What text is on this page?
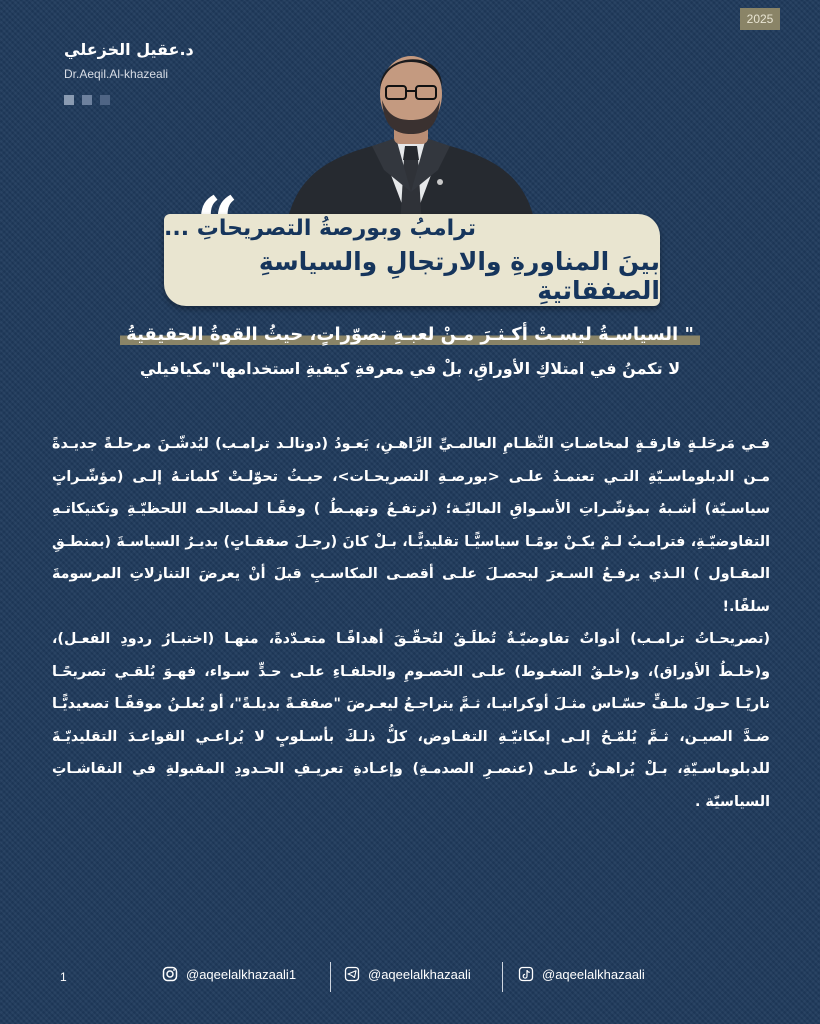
2025
د.عقيل الخزعلي
Dr.Aeqil.Al-khazeali
ترامبُ وبورصةُ التصريحاتِ ...
بينَ المناورةِ والارتجالِ والسياسةِ الصفقاتيةِ
" السياسـةُ ليسـتْ أكـثـرَ مـنْ لعبـةِ تصوّراتٍ، حيثُ القوةُ الحقيقيةُ
لا تكمنُ في امتلاكِ الأوراقِ، بلْ في معرفةِ كيفيةِ استخدامها"مكيافيلي

فـي مَرحَلـةٍ فارقـةٍ لمخاضـاتِ النِّظـامِ العالمـيِّ الرَّاهـنِ، يَعـودُ (دونالـد ترامـب) ليُدشّـنَ مرحلـةً جديـدةً مـن الدبلوماسـيّةِ التـي تعتمـدُ علـى <بورصـةِ التصريحـات>، حيـثُ تحوّلـتْ كلماتـهُ إلـى (مؤشّـراتٍ سياسـيّة) أشـبهُ بمؤشّـراتِ الأسـواقِ الماليّـة؛ (ترتفـعُ وتهبـطُ ) وفقًـا لمصالحـه اللحظيّـةِ وتكتيكاتـهِ التفاوضيّـةِ، فترامـبُ لـمْ يكـنْ يومًـا سياسيًّـا تقليديًّـا، بـلْ كانَ (رجـلَ صفقـاتٍ) يديـرُ السياسـةَ (بمنطـقِ المقـاول ) الـذي يرفـعُ السـعرَ ليحصـلَ علـى أقصـى المكاسـبِ قبلَ أنْ يعرضَ التنازلاتِ المرسومةَ سلفًا.!

(تصريحـاتُ ترامـب) أدواتٌ تفاوضيّـةٌ تُطلَـقُ لتُحقّـقَ أهدافًـا متعـدّدةً، منهـا (اختبـارُ ردودِ الفعـل)، و(خلـطُ الأوراق)، و(خلـقُ الضغـوط) علـى الخصـومِ والحلفـاءِ علـى حـدٍّ سـواء، فهـوَ يُلقـي تصريحًـا ناريًـا حـولَ ملـفٍّ حسّـاس مثـلَ أوكرانيـا، ثـمَّ يتراجـعُ ليعـرضَ "صفقـةً بديلـةً"، أو يُعلـنُ موقفًـا تصعيديًّـا ضـدَّ الصيـن، ثـمَّ يُلمّـحُ إلـى إمكانيّـةِ التفـاوض، كلُّ ذلـكَ بأسـلوبٍ لا يُراعـي القواعـدَ التقليديّـةَ للدبلوماسـيّةِ، بـلْ يُراهـنُ علـى (عنصـرِ الصدمـةِ) وإعـادةِ تعريـفِ الحـدودِ المقبولةِ في النقاشـاتِ السياسيّة .

1	@aqeelalkhazaali1	@aqeelalkhazaali	@aqeelalkhazaali
